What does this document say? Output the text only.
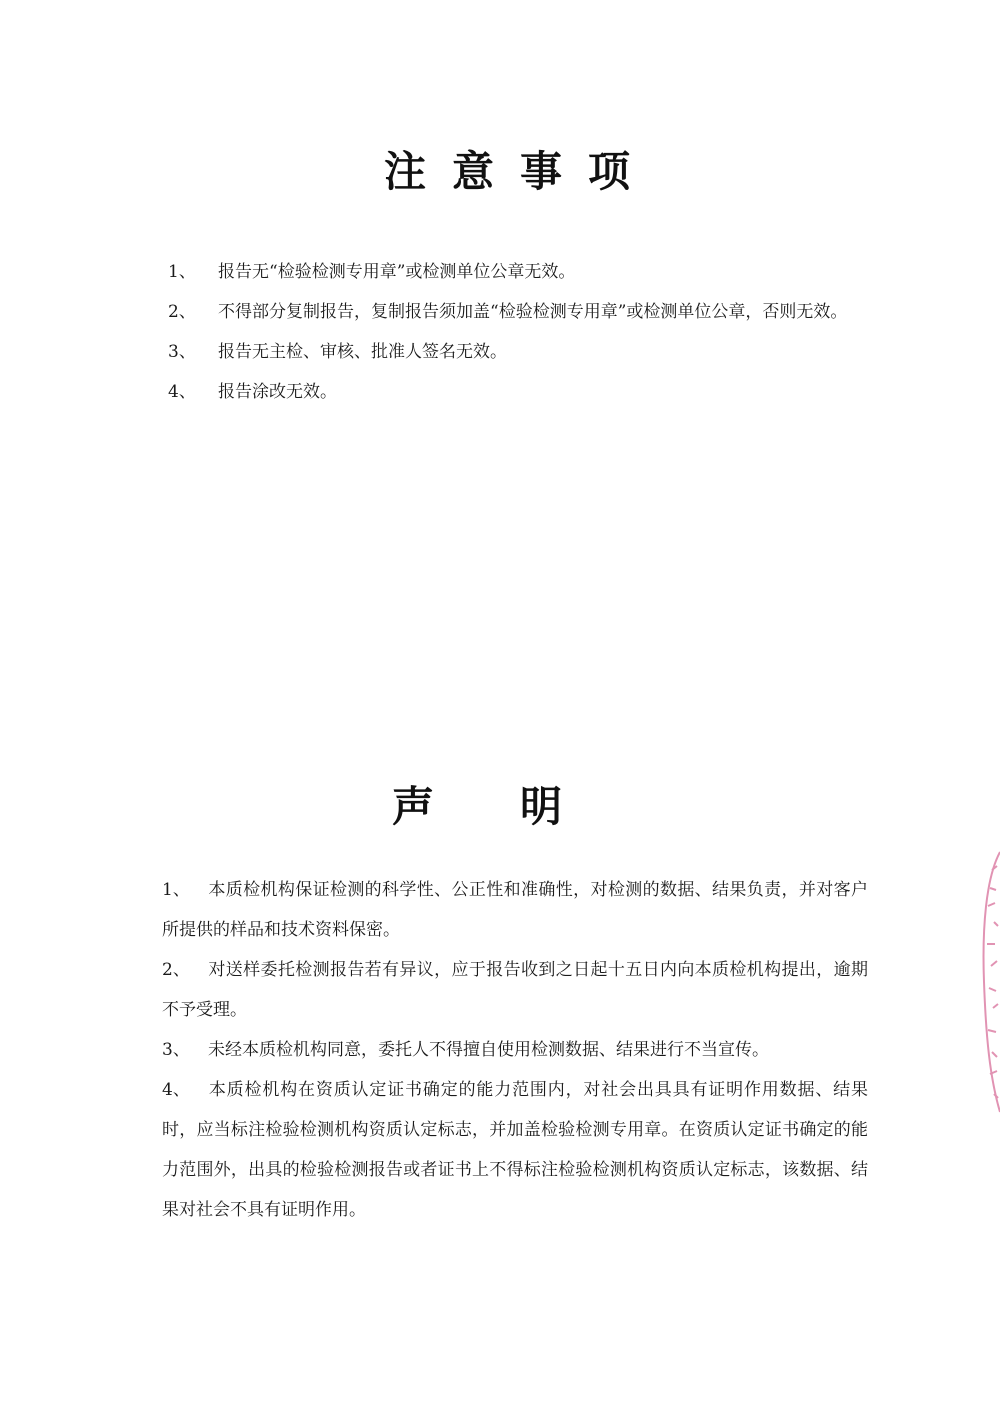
注意事项
1、 报告无“检验检测专用章”或检测单位公章无效。
2、 不得部分复制报告，复制报告须加盖“检验检测专用章”或检测单位公章，否则无效。
3、 报告无主检、审核、批准人签名无效。
4、 报告涂改无效。
声明
1、 本质检机构保证检测的科学性、公正性和准确性，对检测的数据、结果负责，并对客户所提供的样品和技术资料保密。
2、 对送样委托检测报告若有异议，应于报告收到之日起十五日内向本质检机构提出，逾期不予受理。
3、 未经本质检机构同意，委托人不得擅自使用检测数据、结果进行不当宣传。
4、 本质检机构在资质认定证书确定的能力范围内，对社会出具具有证明作用数据、结果时，应当标注检验检测机构资质认定标志，并加盖检验检测专用章。在资质认定证书确定的能力范围外，出具的检验检测报告或者证书上不得标注检验检测机构资质认定标志，该数据、结果对社会不具有证明作用。
